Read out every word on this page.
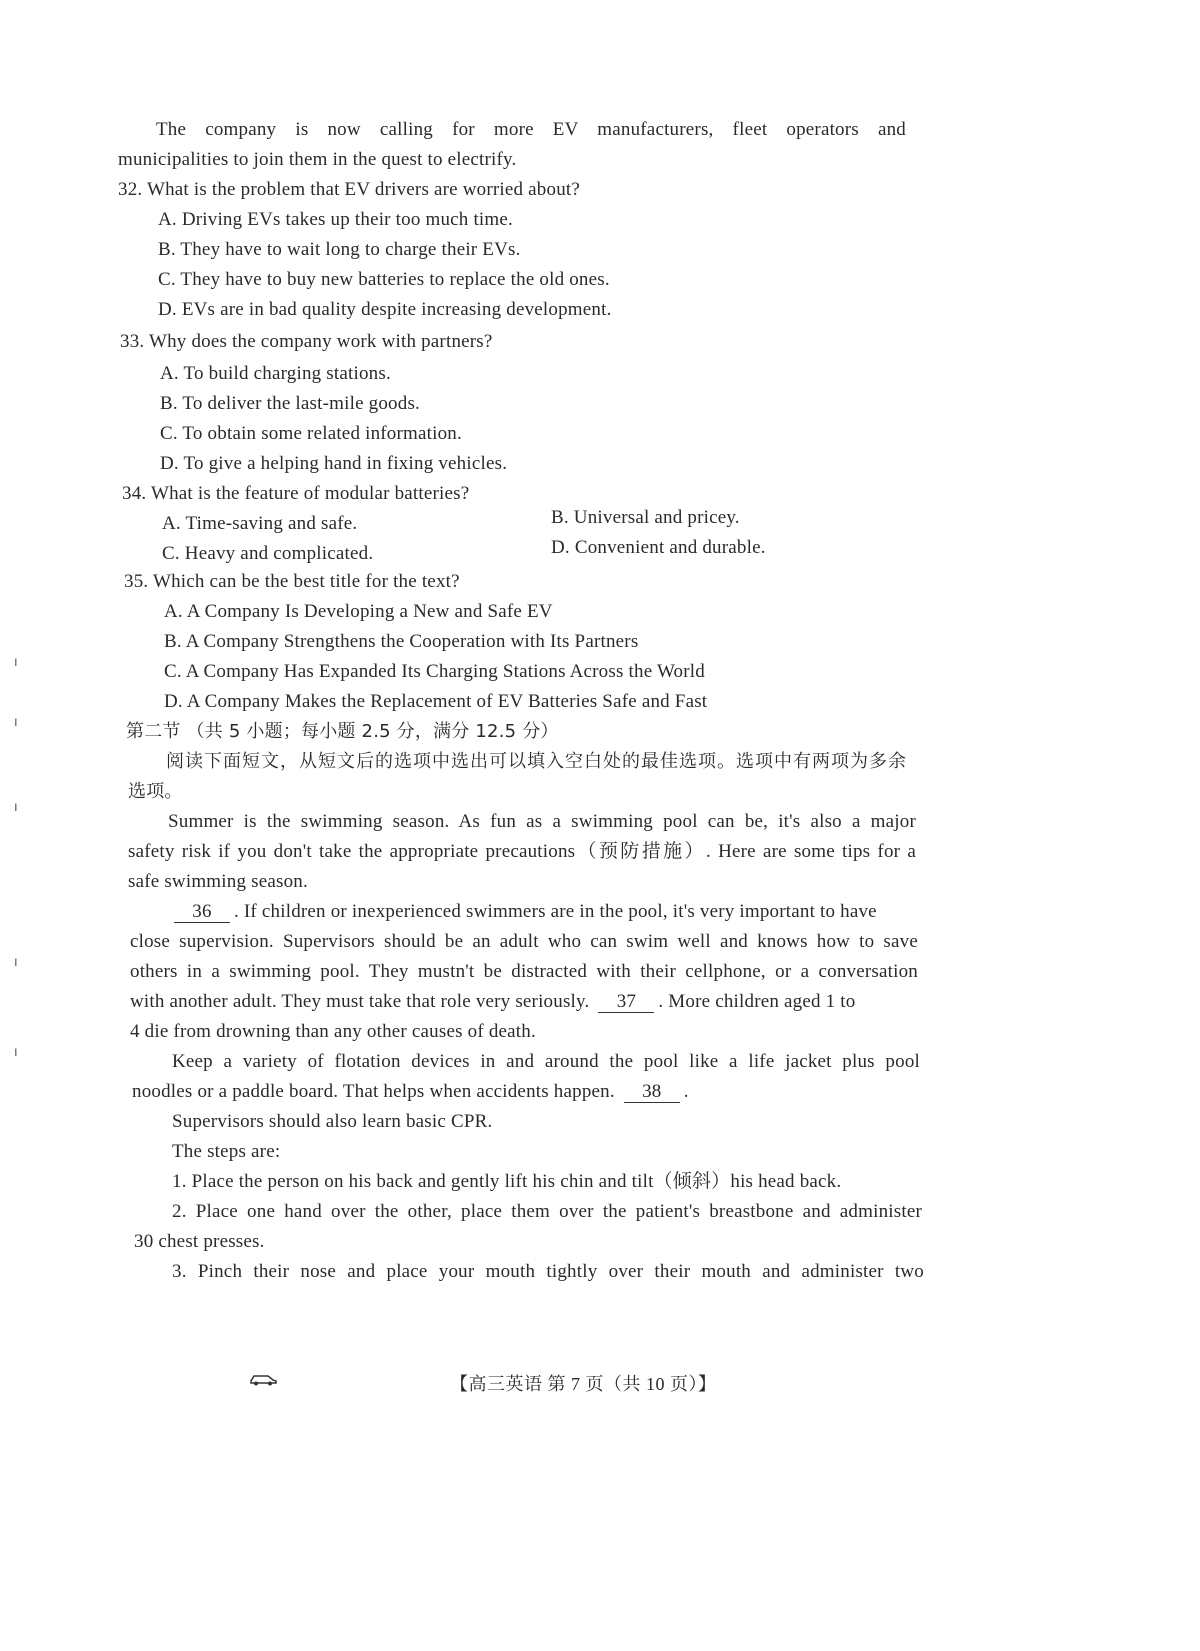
The company is now calling for more EV manufacturers, fleet operators and
municipalities to join them in the quest to electrify.
32. What is the problem that EV drivers are worried about?
A. Driving EVs takes up their too much time.
B. They have to wait long to charge their EVs.
C. They have to buy new batteries to replace the old ones.
D. EVs are in bad quality despite increasing development.
33. Why does the company work with partners?
A. To build charging stations.
B. To deliver the last-mile goods.
C. To obtain some related information.
D. To give a helping hand in fixing vehicles.
34. What is the feature of modular batteries?
A. Time-saving and safe.	B. Universal and pricey.
C. Heavy and complicated.	D. Convenient and durable.
35. Which can be the best title for the text?
A. A Company Is Developing a New and Safe EV
B. A Company Strengthens the Cooperation with Its Partners
C. A Company Has Expanded Its Charging Stations Across the World
D. A Company Makes the Replacement of EV Batteries Safe and Fast
第二节 （共 5 小题；每小题 2.5 分，满分 12.5 分）
阅读下面短文，从短文后的选项中选出可以填入空白处的最佳选项。选项中有两项为多余
选项。
Summer is the swimming season. As fun as a swimming pool can be, it's also a major
safety risk if you don't take the appropriate precautions（预防措施）. Here are some tips for a
safe swimming season.
36 . If children or inexperienced swimmers are in the pool, it's very important to have
close supervision. Supervisors should be an adult who can swim well and knows how to save
others in a swimming pool. They mustn't be distracted with their cellphone, or a conversation
with another adult. They must take that role very seriously. 37 . More children aged 1 to
4 die from drowning than any other causes of death.
Keep a variety of flotation devices in and around the pool like a life jacket plus pool
noodles or a paddle board. That helps when accidents happen. 38 .
Supervisors should also learn basic CPR.
The steps are:
1. Place the person on his back and gently lift his chin and tilt（倾斜）his head back.
2. Place one hand over the other, place them over the patient's breastbone and administer
30 chest presses.
3. Pinch their nose and place your mouth tightly over their mouth and administer two
【高三英语 第 7 页（共 10 页）】
ı
ı
ı
ı
ı
